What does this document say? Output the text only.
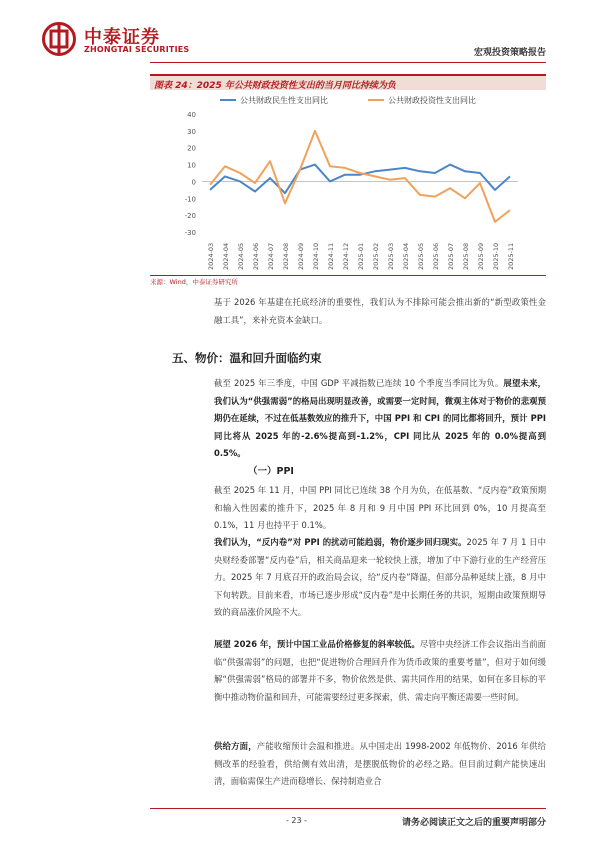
中泰证券
ZHONGTAI SECURITIES	宏观投资策略报告
图表 24：2025 年公共财政投资性支出的当月同比持续为负
40
30
20
10
0
-10
-20
-30
2024-03 2024-04 2024-05 2024-06 2024-07 2024-08 2024-09 2024-10 2024-11 2024-12 2025-01 2025-02 2025-03 2025-04 2025-05 2025-06 2025-07 2025-08 2025-09 2025-10 2025-11
公共财政民生性支出同比	公共财政投资性支出同比
来源：Wind，中泰证券研究所
基于 2026 年基建在托底经济的重要性，我们认为不排除可能会推出新的“新型政策性金融工具”，来补充资本金缺口。
五、物价：温和回升面临约束
截至 2025 年三季度，中国 GDP 平减指数已连续 10 个季度当季同比为负。展望未来，我们认为“供强需弱”的格局出现明显改善，或需要一定时间，微观主体对于物价的悲观预期仍在延续，不过在低基数效应的推升下，中国 PPI 和 CPI 的同比都将回升，预计 PPI 同比将从 2025 年的-2.6%提高到-1.2%，CPI 同比从 2025 年的 0.0%提高到 0.5%。
（一）PPI
截至 2025 年 11 月，中国 PPI 同比已连续 38 个月为负，在低基数、“反内卷”政策预期和输入性因素的推升下，2025 年 8 月和 9 月中国 PPI 环比回到 0%，10 月提高至 0.1%，11 月也持平于 0.1%。
我们认为，“反内卷”对 PPI 的扰动可能趋弱，物价逐步回归现实。2025 年 7 月 1 日中央财经委部署“反内卷”后，相关商品迎来一轮较快上涨，增加了中下游行业的生产经营压力。2025 年 7 月底召开的政治局会议，给“反内卷”降温，但部分品种延续上涨，8 月中下旬转跌。目前来看，市场已逐步形成“反内卷”是中长期任务的共识，短期由政策预期导致的商品涨价风险不大。
展望 2026 年，预计中国工业品价格修复的斜率较低。尽管中央经济工作会议指出当前面临“供强需弱”的问题，也把“促进物价合理回升作为货币政策的重要考量”，但对于如何缓解“供强需弱”格局的部署并不多，物价依然是供、需共同作用的结果，如何在多目标的平衡中推动物价温和回升，可能需要经过更多探索，供、需走向平衡还需要一些时间。
供给方面，产能收缩预计会温和推进。从中国走出 1998-2002 年低物价、2016 年供给侧改革的经验看，供给侧有效出清，是摆脱低物价的必经之路。但目前过剩产能快速出清，面临需保生产进而稳增长、保持制造业合
- 23 -	请务必阅读正文之后的重要声明部分
